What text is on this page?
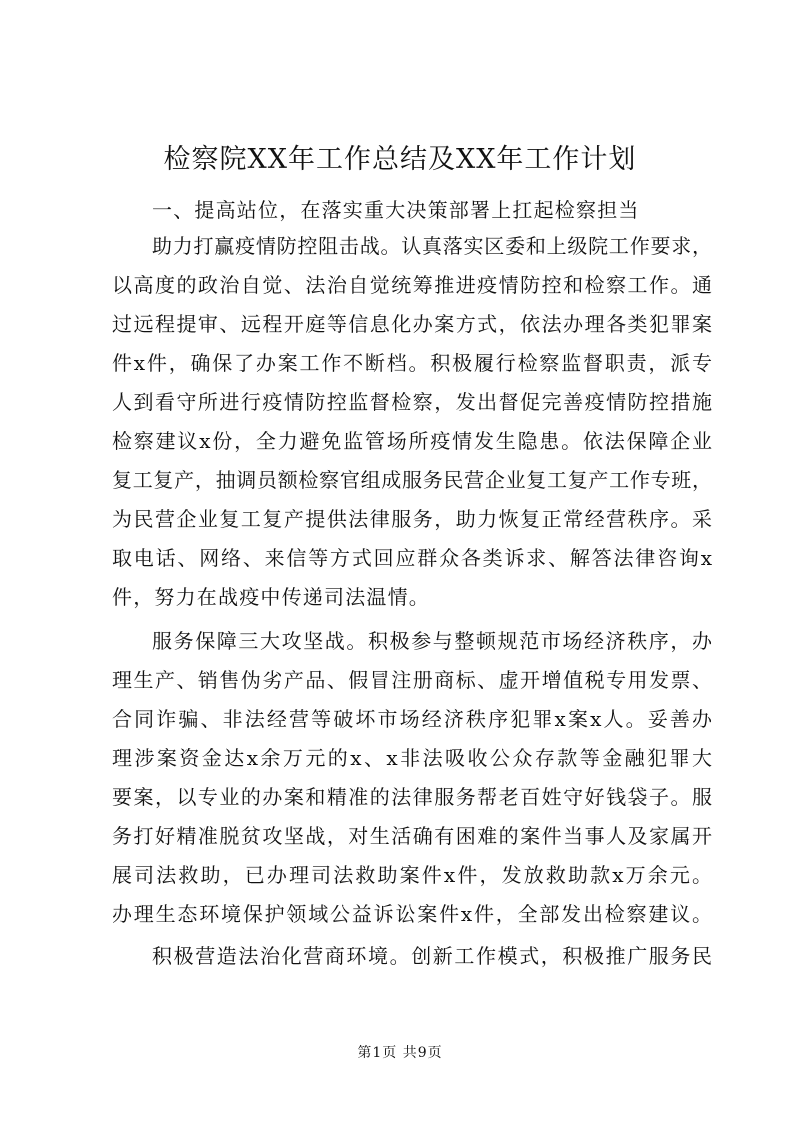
检察院XX年工作总结及XX年工作计划
一、提高站位，在落实重大决策部署上扛起检察担当
助力打赢疫情防控阻击战。认真落实区委和上级院工作要求，
以高度的政治自觉、法治自觉统筹推进疫情防控和检察工作。通
过远程提审、远程开庭等信息化办案方式，依法办理各类犯罪案
件x件，确保了办案工作不断档。积极履行检察监督职责，派专
人到看守所进行疫情防控监督检察，发出督促完善疫情防控措施
检察建议x份，全力避免监管场所疫情发生隐患。依法保障企业
复工复产，抽调员额检察官组成服务民营企业复工复产工作专班，
为民营企业复工复产提供法律服务，助力恢复正常经营秩序。采
取电话、网络、来信等方式回应群众各类诉求、解答法律咨询x
件，努力在战疫中传递司法温情。
服务保障三大攻坚战。积极参与整顿规范市场经济秩序，办
理生产、销售伪劣产品、假冒注册商标、虚开增值税专用发票、
合同诈骗、非法经营等破坏市场经济秩序犯罪x案x人。妥善办
理涉案资金达x余万元的x、x非法吸收公众存款等金融犯罪大
要案，以专业的办案和精准的法律服务帮老百姓守好钱袋子。服
务打好精准脱贫攻坚战，对生活确有困难的案件当事人及家属开
展司法救助，已办理司法救助案件x件，发放救助款x万余元。
办理生态环境保护领域公益诉讼案件x件，全部发出检察建议。
积极营造法治化营商环境。创新工作模式，积极推广服务民
第1页 共9页
